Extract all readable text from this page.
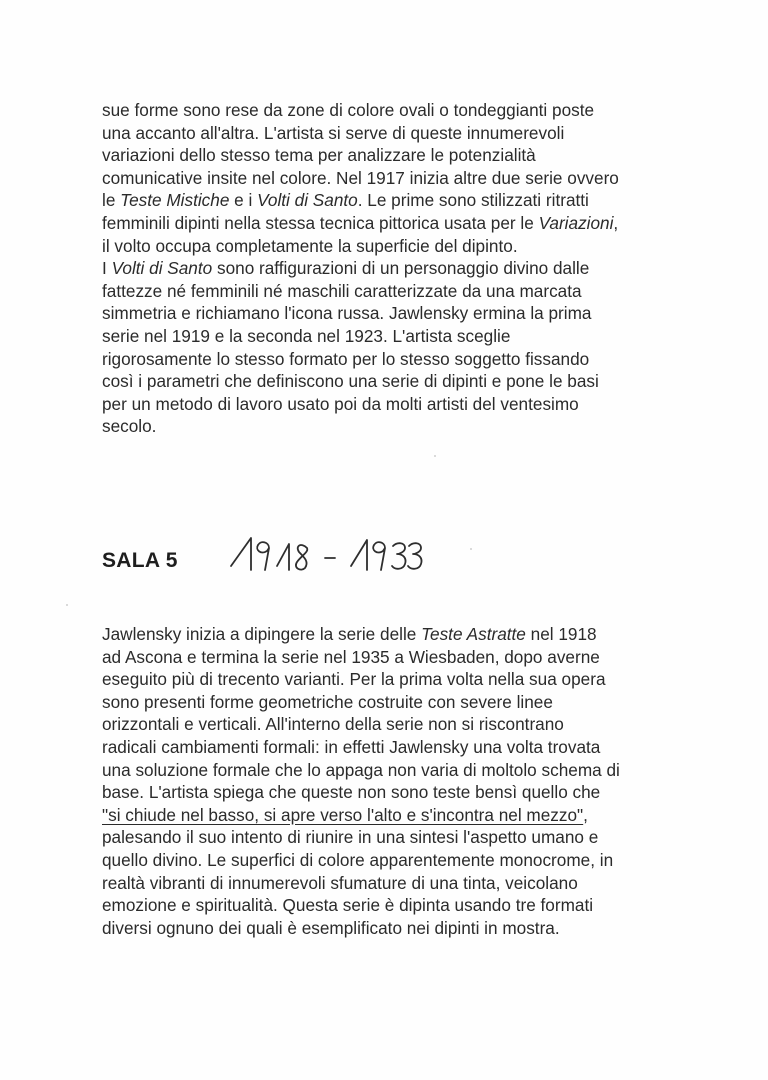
sue forme sono rese da zone di colore ovali o tondeggianti poste
una accanto all'altra. L'artista si serve di queste innumerevoli
variazioni dello stesso tema per analizzare le potenzialità
comunicative insite nel colore. Nel 1917 inizia altre due serie ovvero
le Teste Mistiche e i Volti di Santo. Le prime sono stilizzati ritratti
femminili dipinti nella stessa tecnica pittorica usata per le Variazioni,
il volto occupa completamente la superficie del dipinto.
I Volti di Santo sono raffigurazioni di un personaggio divino dalle
fattezze né femminili né maschili caratterizzate da una marcata
simmetria e richiamano l'icona russa. Jawlensky ermina la prima
serie nel 1919 e la seconda nel 1923. L'artista sceglie
rigorosamente lo stesso formato per lo stesso soggetto fissando
così i parametri che definiscono una serie di dipinti e pone le basi
per un metodo di lavoro usato poi da molti artisti del ventesimo
secolo.

SALA 5

Jawlensky inizia a dipingere la serie delle Teste Astratte nel 1918
ad Ascona e termina la serie nel 1935 a Wiesbaden, dopo averne
eseguito più di trecento varianti. Per la prima volta nella sua opera
sono presenti forme geometriche costruite con severe linee
orizzontali e verticali. All'interno della serie non si riscontrano
radicali cambiamenti formali: in effetti Jawlensky una volta trovata
una soluzione formale che lo appaga non varia di moltolo schema di
base. L'artista spiega che queste non sono teste bensì quello che
"si chiude nel basso, si apre verso l'alto e s'incontra nel mezzo",
palesando il suo intento di riunire in una sintesi l'aspetto umano e
quello divino. Le superfici di colore apparentemente monocrome, in
realtà vibranti di innumerevoli sfumature di una tinta, veicolano
emozione e spiritualità. Questa serie è dipinta usando tre formati
diversi ognuno dei quali è esemplificato nei dipinti in mostra.
